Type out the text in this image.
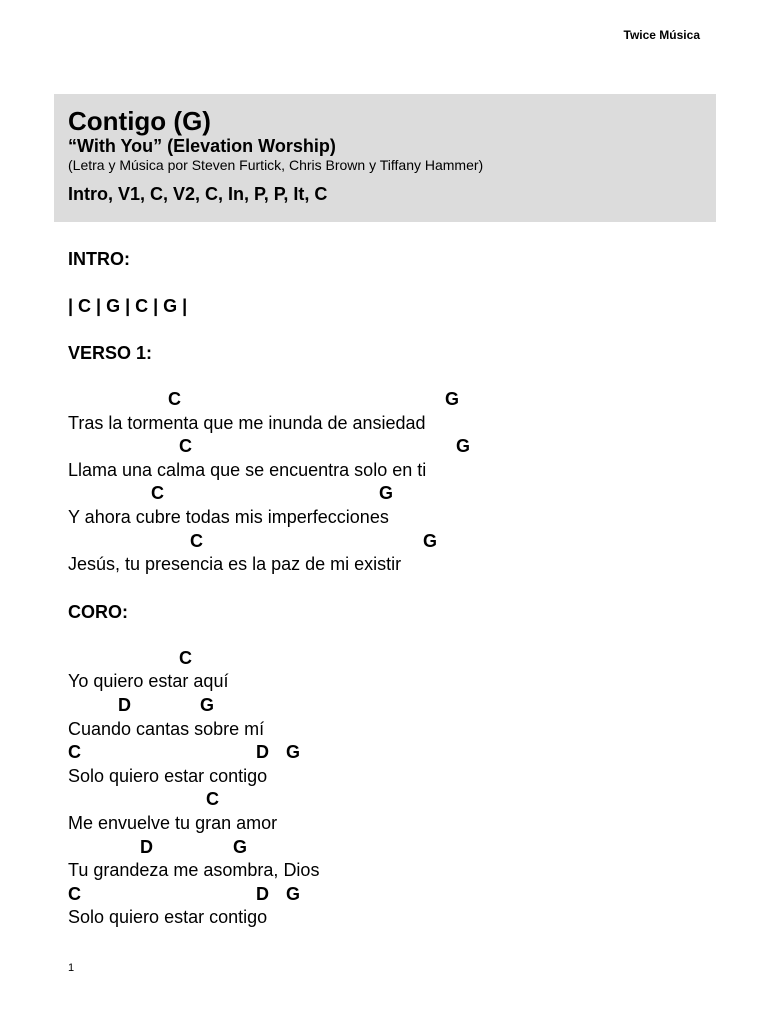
Twice Música
Contigo (G)
“With You” (Elevation Worship)
(Letra y Música por Steven Furtick, Chris Brown y Tiffany Hammer)
Intro, V1, C, V2, C, In, P, P, It, C
INTRO:
| C | G | C | G |
VERSO 1:
C	G
Tras la tormenta que me inunda de ansiedad
C	G
Llama una calma que se encuentra solo en ti
C	G
Y ahora cubre todas mis imperfecciones
C	G
Jesús, tu presencia es la paz de mi existir
CORO:
C
Yo quiero estar aquí
D	G
Cuando cantas sobre mí
C	D G
Solo quiero estar contigo
C
Me envuelve tu gran amor
D	G
Tu grandeza me asombra, Dios
C	D G
Solo quiero estar contigo
1
